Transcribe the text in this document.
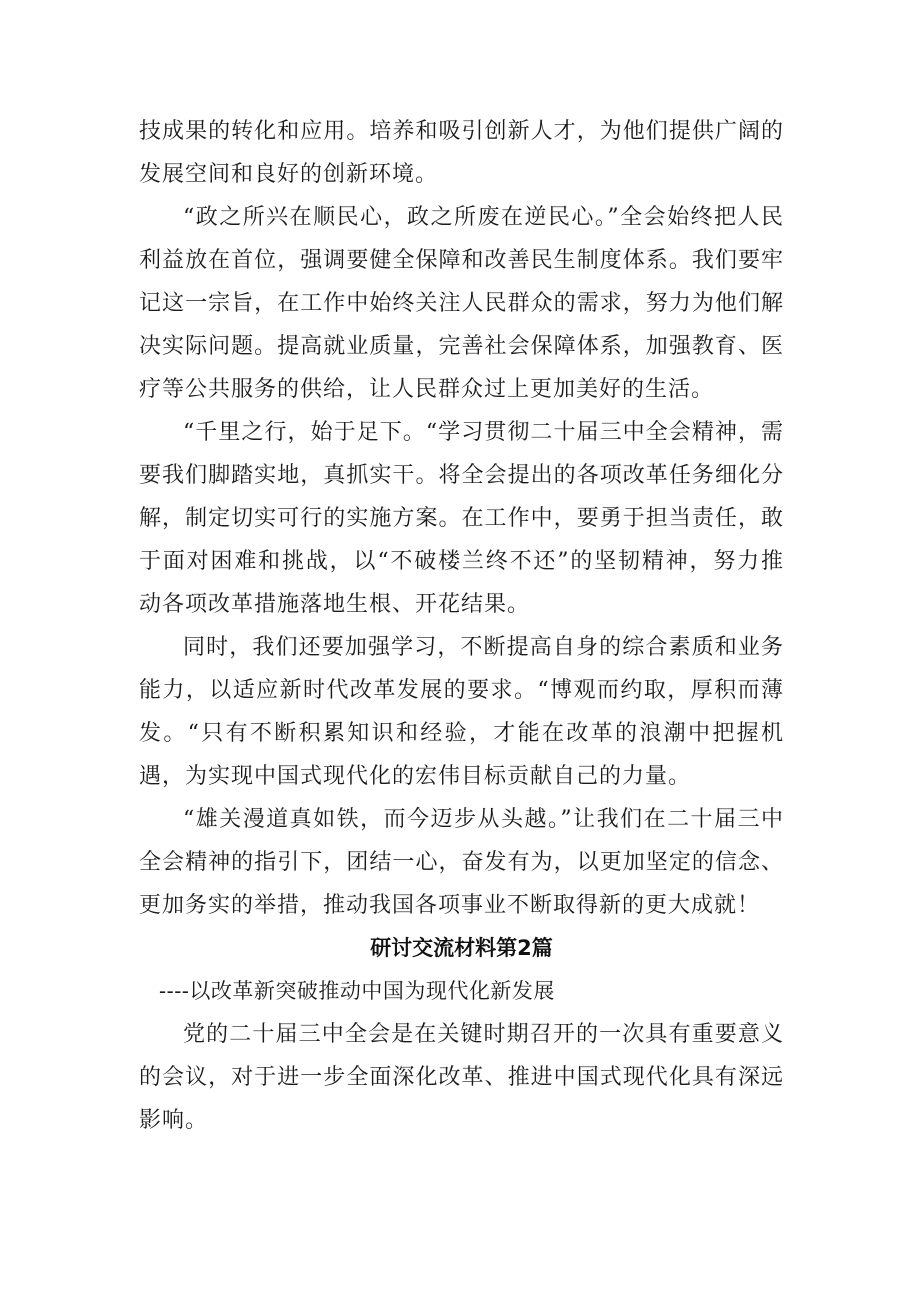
技成果的转化和应用。培养和吸引创新人才，为他们提供广阔的发展空间和良好的创新环境。

“政之所兴在顺民心，政之所废在逆民心。”全会始终把人民利益放在首位，强调要健全保障和改善民生制度体系。我们要牢记这一宗旨，在工作中始终关注人民群众的需求，努力为他们解决实际问题。提高就业质量，完善社会保障体系，加强教育、医疗等公共服务的供给，让人民群众过上更加美好的生活。

“千里之行，始于足下。“学习贯彻二十届三中全会精神，需要我们脚踏实地，真抓实干。将全会提出的各项改革任务细化分解，制定切实可行的实施方案。在工作中，要勇于担当责任，敢于面对困难和挑战，以“不破楼兰终不还”的坚韧精神，努力推动各项改革措施落地生根、开花结果。

同时，我们还要加强学习，不断提高自身的综合素质和业务能力，以适应新时代改革发展的要求。“博观而约取，厚积而薄发。“只有不断积累知识和经验，才能在改革的浪潮中把握机遇，为实现中国式现代化的宏伟目标贡献自己的力量。

“雄关漫道真如铁，而今迈步从头越。”让我们在二十届三中全会精神的指引下，团结一心，奋发有为，以更加坚定的信念、更加务实的举措，推动我国各项事业不断取得新的更大成就！

研讨交流材料第2篇

----以改革新突破推动中国为现代化新发展

党的二十届三中全会是在关键时期召开的一次具有重要意义的会议，对于进一步全面深化改革、推进中国式现代化具有深远影响。
